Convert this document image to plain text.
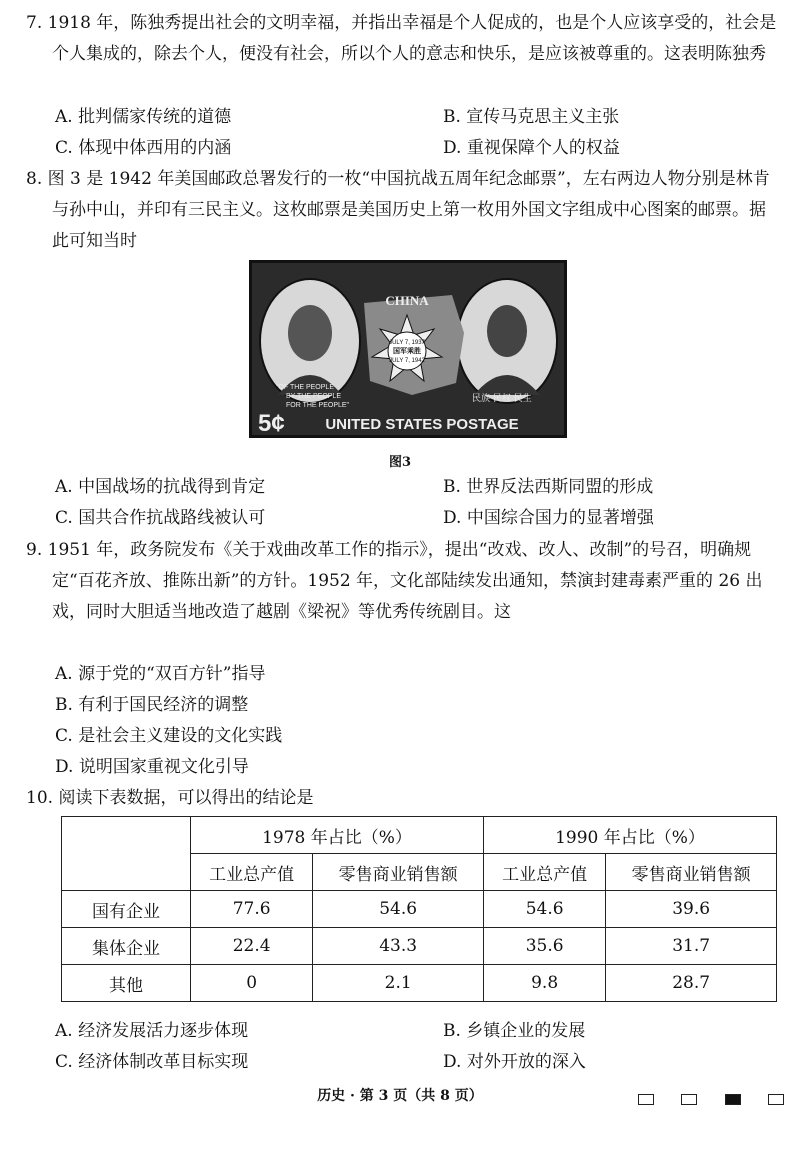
7. 1918 年，陈独秀提出社会的文明幸福，并指出幸福是个人促成的，也是个人应该享受的，社会是个人集成的，除去个人，便没有社会，所以个人的意志和快乐，是应该被尊重的。这表明陈独秀
A. 批判儒家传统的道德	B. 宣传马克思主义主张
C. 体现中体西用的内涵	D. 重视保障个人的权益
8. 图 3 是 1942 年美国邮政总署发行的一枚“中国抗战五周年纪念邮票”，左右两边人物分别是林肯与孙中山，并印有三民主义。这枚邮票是美国历史上第一枚用外国文字组成中心图案的邮票。据此可知当时
CHINA
JULY 7, 1937
国军乘胜
JULY 7, 1942
"OF THE PEOPLE
BY THE PEOPLE
FOR THE PEOPLE"
民族 民权 民生
5¢	UNITED STATES POSTAGE
图3
A. 中国战场的抗战得到肯定	B. 世界反法西斯同盟的形成
C. 国共合作抗战路线被认可	D. 中国综合国力的显著增强
9. 1951 年，政务院发布《关于戏曲改革工作的指示》，提出“改戏、改人、改制”的号召，明确规定“百花齐放、推陈出新”的方针。1952 年，文化部陆续发出通知，禁演封建毒素严重的 26 出戏，同时大胆适当地改造了越剧《梁祝》等优秀传统剧目。这
A. 源于党的“双百方针”指导
B. 有利于国民经济的调整
C. 是社会主义建设的文化实践
D. 说明国家重视文化引导
10. 阅读下表数据，可以得出的结论是
	1978 年占比（%）		1990 年占比（%）	
	工业总产值	零售商业销售额	工业总产值	零售商业销售额
国有企业	77.6	54.6	54.6	39.6
集体企业	22.4	43.3	35.6	31.7
其他	0	2.1	9.8	28.7
A. 经济发展活力逐步体现	B. 乡镇企业的发展
C. 经济体制改革目标实现	D. 对外开放的深入
历史 · 第 3 页（共 8 页）
